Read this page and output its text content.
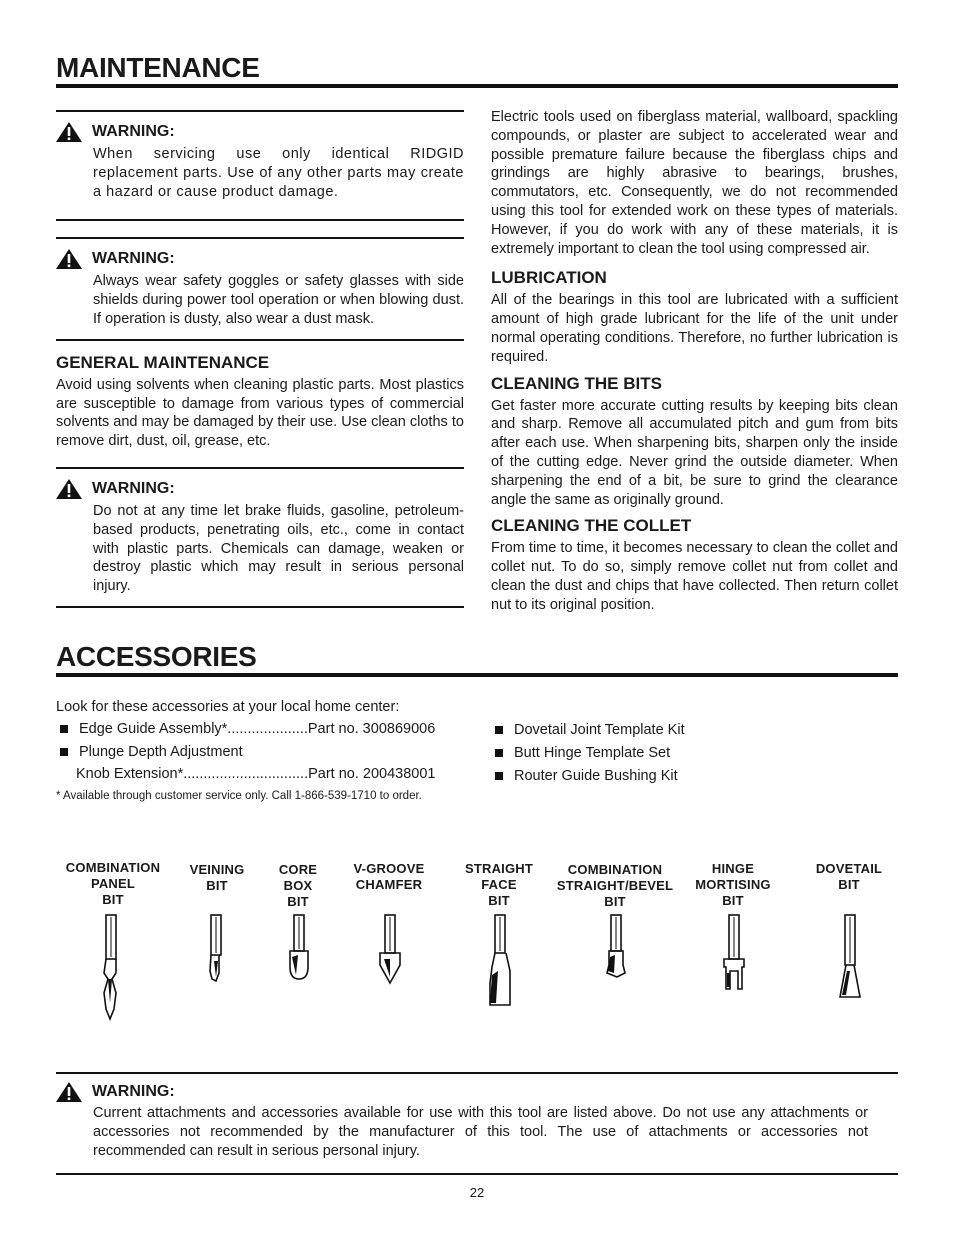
MAINTENANCE
WARNING:

When servicing use only identical RIDGID replacement parts. Use of any other parts may create a hazard or cause product damage.

WARNING:

Always wear safety goggles or safety glasses with side shields during power tool operation or when blowing dust. If operation is dusty, also wear a dust mask.

GENERAL MAINTENANCE

Avoid using solvents when cleaning plastic parts. Most plastics are susceptible to damage from various types of commercial solvents and may be damaged by their use. Use clean cloths to remove dirt, dust, oil, grease, etc.

WARNING:

Do not at any time let brake fluids, gasoline, petroleum-based products, penetrating oils, etc., come in contact with plastic parts. Chemicals can damage, weaken or destroy plastic which may result in serious personal injury.

Electric tools used on fiberglass material, wallboard, spackling compounds, or plaster are subject to accelerated wear and possible premature failure because the fiberglass chips and grindings are highly abrasive to bearings, brushes, commutators, etc. Consequently, we do not recommended using this tool for extended work on these types of materials. However, if you do work with any of these materials, it is extremely important to clean the tool using compressed air.

LUBRICATION

All of the bearings in this tool are lubricated with a sufficient amount of high grade lubricant for the life of the unit under normal operating conditions. Therefore, no further lubrication is required.

CLEANING THE BITS

Get faster more accurate cutting results by keeping bits clean and sharp. Remove all accumulated pitch and gum from bits after each use. When sharpening bits, sharpen only the inside of the cutting edge. Never grind the outside diameter. When sharpening the end of a bit, be sure to grind the clearance angle the same as originally ground.

CLEANING THE COLLET

From time to time, it becomes necessary to clean the collet and collet nut. To do so, simply remove collet nut from collet and clean the dust and chips that have collected. Then return collet nut to its original position.

ACCESSORIES
Look for these accessories at your local home center:
Edge Guide Assembly*....................Part no. 300869006
Plunge Depth Adjustment
Knob Extension*...............................Part no. 200438001
* Available through customer service only. Call 1-866-539-1710 to order.
Dovetail Joint Template Kit
Butt Hinge Template Set
Router Guide Bushing Kit
COMBINATION
PANEL
BIT
VEINING
BIT
CORE
BOX
BIT
V-GROOVE
CHAMFER
STRAIGHT
FACE
BIT
COMBINATION
STRAIGHT/BEVEL
BIT
HINGE
MORTISING
BIT
DOVETAIL
BIT
WARNING:

Current attachments and accessories available for use with this tool are listed above. Do not use any attachments or accessories not recommended by the manufacturer of this tool. The use of attachments or accessories not recommended can result in serious personal injury.

22
